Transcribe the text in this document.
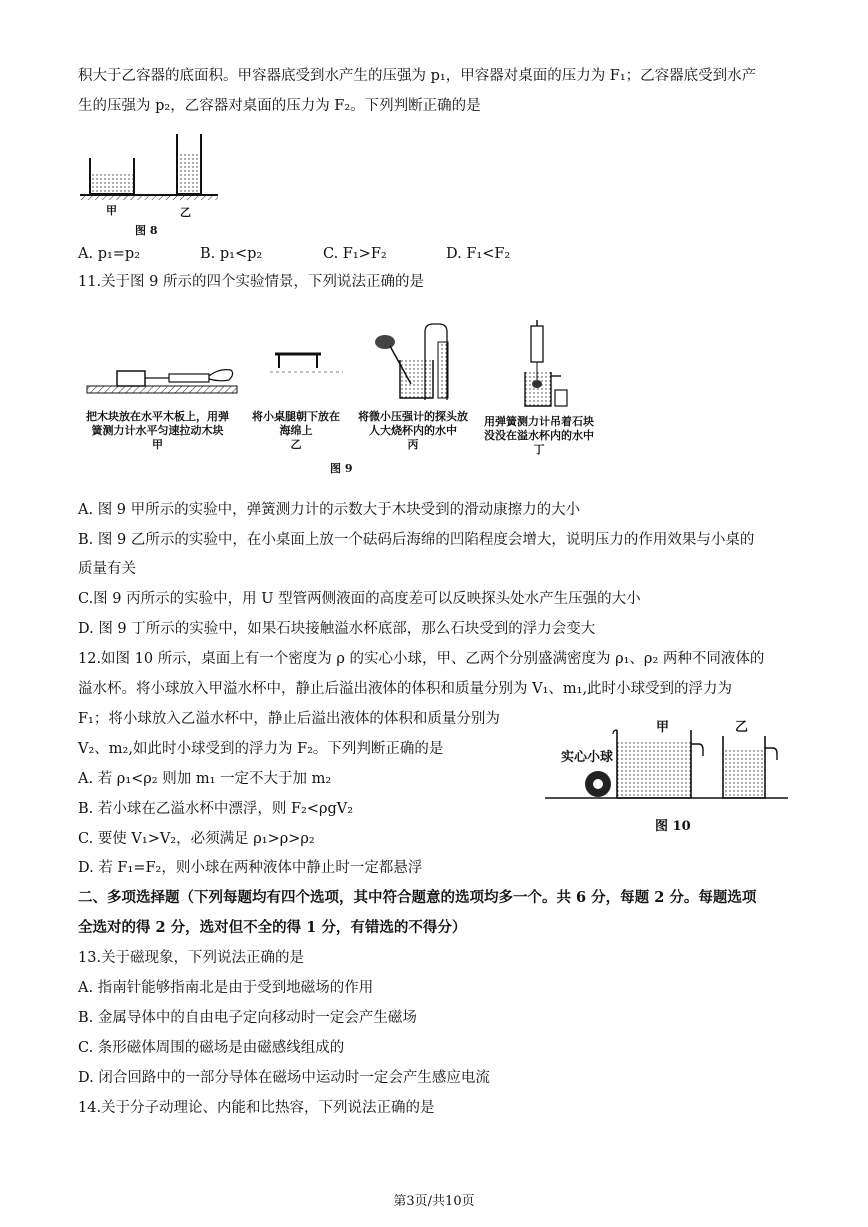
积大于乙容器的底面积。甲容器底受到水产生的压强为 p₁，甲容器对桌面的压力为 F₁；乙容器底受到水产
生的压强为 p₂，乙容器对桌面的压力为 F₂。下列判断正确的是
甲	乙
图 8
A. p₁=p₂	B. p₁<p₂	C. F₁>F₂	D. F₁<F₂
11.关于图 9 所示的四个实验情景，下列说法正确的是
把木块放在水平木板上，用弹
簧测力计水平匀速拉动木块
甲
将小桌腿朝下放在
海绵上
乙
将微小压强计的探头放
人大烧杯内的水中
丙
用弹簧测力计吊着石块
没没在溢水杯内的水中
丁
图 9
A. 图 9 甲所示的实验中，弹簧测力计的示数大于木块受到的滑动康擦力的大小
B. 图 9 乙所示的实验中，在小桌面上放一个砝码后海绵的凹陷程度会增大，说明压力的作用效果与小桌的
质量有关
C.图 9 丙所示的实验中，用 U 型管两侧液面的高度差可以反映探头处水产生压强的大小
D. 图 9 丁所示的实验中，如果石块接触溢水杯底部，那么石块受到的浮力会变大
12.如图 10 所示，桌面上有一个密度为 ρ 的实心小球，甲、乙两个分别盛满密度为 ρ₁、ρ₂ 两种不同液体的
溢水杯。将小球放入甲溢水杯中，静止后溢出液体的体积和质量分别为 V₁、m₁,此时小球受到的浮力为
F₁；将小球放入乙溢水杯中，静止后溢出液体的体积和质量分别为
V₂、m₂,如此时小球受到的浮力为 F₂。下列判断正确的是
A. 若 ρ₁<ρ₂ 则加 m₁ 一定不大于加 m₂
B. 若小球在乙溢水杯中漂浮，则 F₂<ρgV₂
C. 要使 V₁>V₂，必须满足 ρ₁>ρ>ρ₂
D. 若 F₁=F₂，则小球在两种液体中静止时一定都悬浮
实心小球
甲	乙
图 10
二、多项选择题（下列每题均有四个选项，其中符合题意的选项均多一个。共 6 分，每题 2 分。每题选项
全选对的得 2 分，选对但不全的得 1 分，有错选的不得分）
13.关于磁现象，下列说法正确的是
A. 指南针能够指南北是由于受到地磁场的作用
B. 金属导体中的自由电子定向移动时一定会产生磁场
C. 条形磁体周围的磁场是由磁感线组成的
D. 闭合回路中的一部分导体在磁场中运动时一定会产生感应电流
14.关于分子动理论、内能和比热容，下列说法正确的是
第3页/共10页
